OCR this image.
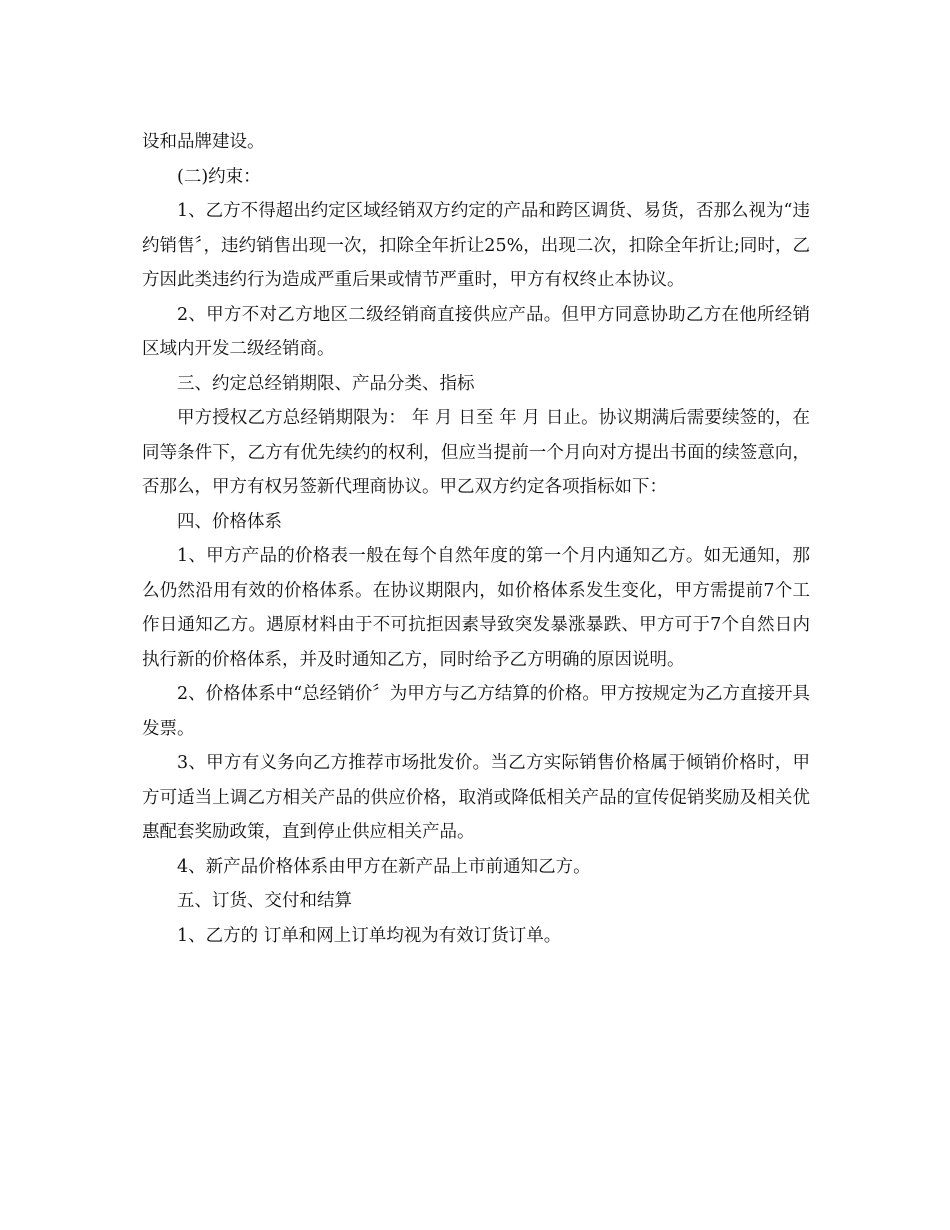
设和品牌建设。

(二)约束：

1、乙方不得超出约定区域经销双方约定的产品和跨区调货、易货，否那么视为“违约销售〞，违约销售出现一次，扣除全年折让25%，出现二次，扣除全年折让;同时，乙方因此类违约行为造成严重后果或情节严重时，甲方有权终止本协议。

2、甲方不对乙方地区二级经销商直接供应产品。但甲方同意协助乙方在他所经销区域内开发二级经销商。

三、约定总经销期限、产品分类、指标

甲方授权乙方总经销期限为： 年 月 日至 年 月 日止。协议期满后需要续签的，在同等条件下，乙方有优先续约的权利，但应当提前一个月向对方提出书面的续签意向，否那么，甲方有权另签新代理商协议。甲乙双方约定各项指标如下：

四、价格体系

1、甲方产品的价格表一般在每个自然年度的第一个月内通知乙方。如无通知，那么仍然沿用有效的价格体系。在协议期限内，如价格体系发生变化，甲方需提前7个工作日通知乙方。遇原材料由于不可抗拒因素导致突发暴涨暴跌、甲方可于7个自然日内执行新的价格体系，并及时通知乙方，同时给予乙方明确的原因说明。

2、价格体系中“总经销价〞为甲方与乙方结算的价格。甲方按规定为乙方直接开具发票。

3、甲方有义务向乙方推荐市场批发价。当乙方实际销售价格属于倾销价格时，甲方可适当上调乙方相关产品的供应价格，取消或降低相关产品的宣传促销奖励及相关优惠配套奖励政策，直到停止供应相关产品。

4、新产品价格体系由甲方在新产品上市前通知乙方。

五、订货、交付和结算

1、乙方的 订单和网上订单均视为有效订货订单。
